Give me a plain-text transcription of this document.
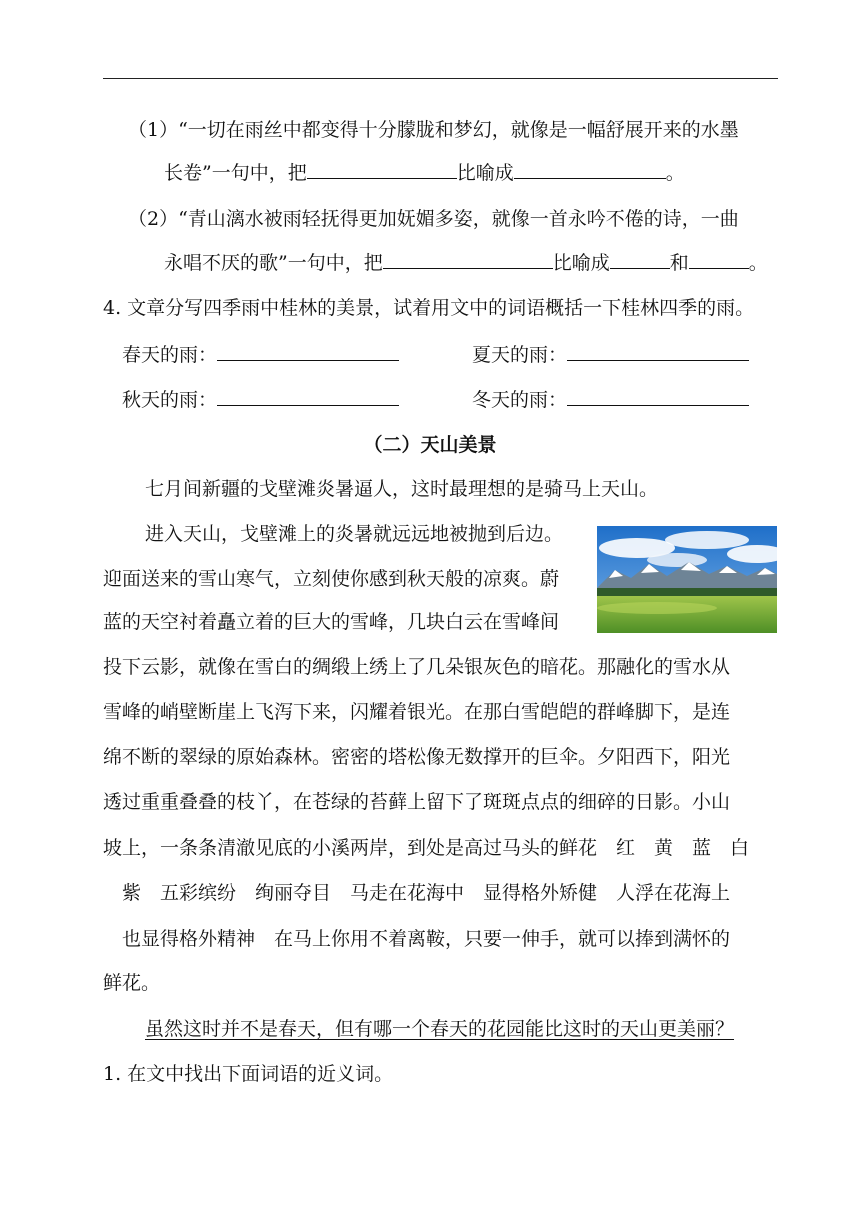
（1）“一切在雨丝中都变得十分朦胧和梦幻，就像是一幅舒展开来的水墨
长卷”一句中，把	比喻成	。
（2）“青山漓水被雨轻抚得更加妩媚多姿，就像一首永吟不倦的诗，一曲
永唱不厌的歌”一句中，把	比喻成	和	。
4. 文章分写四季雨中桂林的美景，试着用文中的词语概括一下桂林四季的雨。
春天的雨：	夏天的雨：
秋天的雨：	冬天的雨：
（二）天山美景
七月间新疆的戈壁滩炎暑逼人，这时最理想的是骑马上天山。
进入天山，戈壁滩上的炎暑就远远地被抛到后边。
迎面送来的雪山寒气，立刻使你感到秋天般的凉爽。蔚
蓝的天空衬着矗立着的巨大的雪峰，几块白云在雪峰间
投下云影，就像在雪白的绸缎上绣上了几朵银灰色的暗花。那融化的雪水从
雪峰的峭壁断崖上飞泻下来，闪耀着银光。在那白雪皑皑的群峰脚下，是连
绵不断的翠绿的原始森林。密密的塔松像无数撑开的巨伞。夕阳西下，阳光
透过重重叠叠的枝丫，在苍绿的苔藓上留下了斑斑点点的细碎的日影。小山
坡上，一条条清澈见底的小溪两岸，到处是高过马头的鲜花　红　黄　蓝　白
　紫　五彩缤纷　绚丽夺目　马走在花海中　显得格外矫健　人浮在花海上
　也显得格外精神　在马上你用不着离鞍，只要一伸手，就可以捧到满怀的
鲜花。
虽然这时并不是春天，但有哪一个春天的花园能比这时的天山更美丽？
1. 在文中找出下面词语的近义词。
